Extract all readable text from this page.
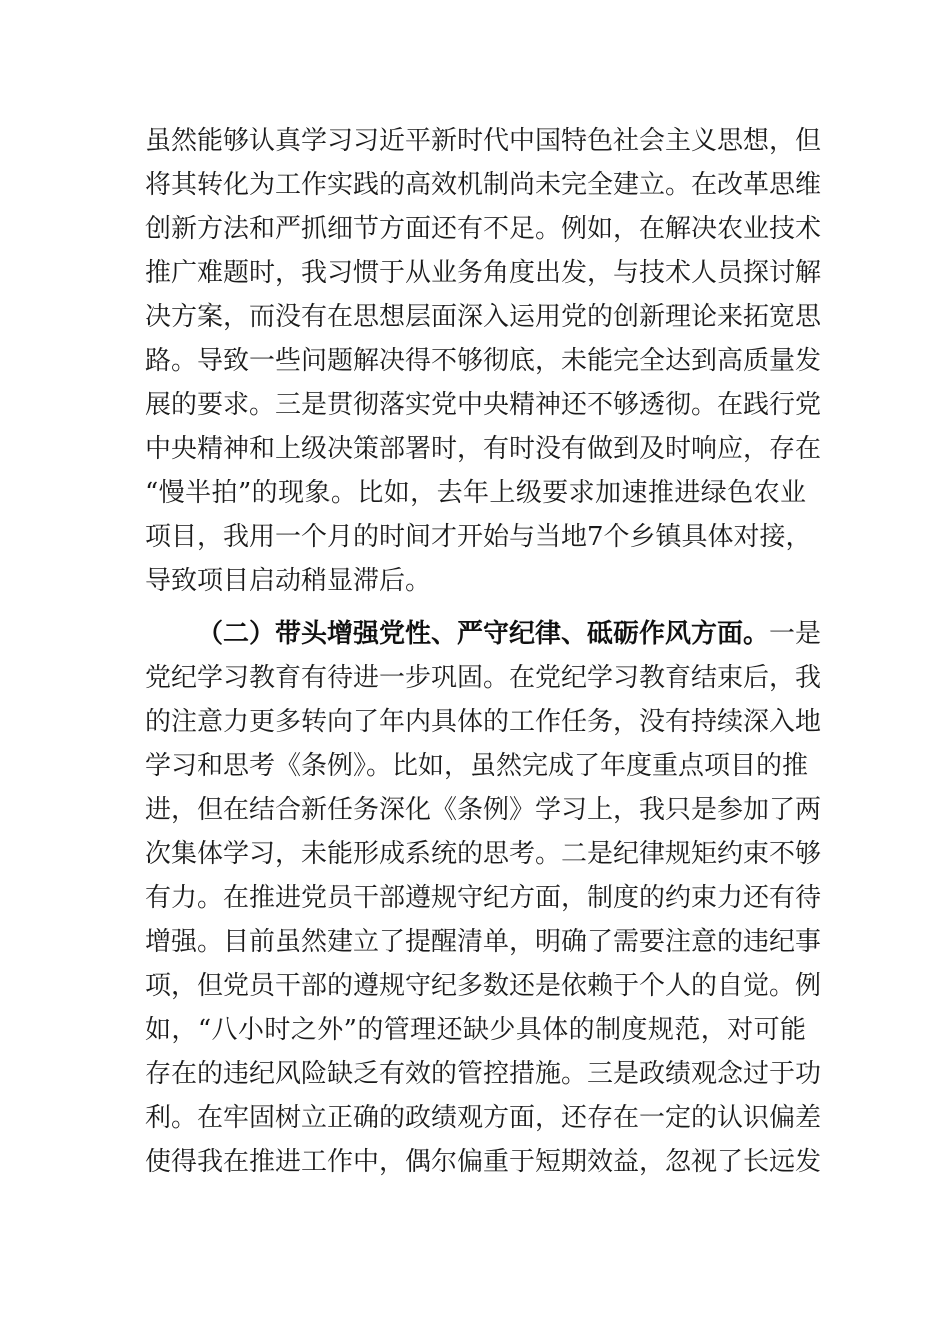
虽然能够认真学习习近平新时代中国特色社会主义思想，但
将其转化为工作实践的高效机制尚未完全建立。在改革思维
创新方法和严抓细节方面还有不足。例如，在解决农业技术
推广难题时，我习惯于从业务角度出发，与技术人员探讨解
决方案，而没有在思想层面深入运用党的创新理论来拓宽思
路。导致一些问题解决得不够彻底，未能完全达到高质量发
展的要求。三是贯彻落实党中央精神还不够透彻。在践行党
中央精神和上级决策部署时，有时没有做到及时响应，存在
“慢半拍”的现象。比如，去年上级要求加速推进绿色农业
项目，我用一个月的时间才开始与当地7个乡镇具体对接，
导致项目启动稍显滞后。
（二）带头增强党性、严守纪律、砥砺作风方面。一是
党纪学习教育有待进一步巩固。在党纪学习教育结束后，我
的注意力更多转向了年内具体的工作任务，没有持续深入地
学习和思考《条例》。比如，虽然完成了年度重点项目的推
进，但在结合新任务深化《条例》学习上，我只是参加了两
次集体学习，未能形成系统的思考。二是纪律规矩约束不够
有力。在推进党员干部遵规守纪方面，制度的约束力还有待
增强。目前虽然建立了提醒清单，明确了需要注意的违纪事
项，但党员干部的遵规守纪多数还是依赖于个人的自觉。例
如，“八小时之外”的管理还缺少具体的制度规范，对可能
存在的违纪风险缺乏有效的管控措施。三是政绩观念过于功
利。在牢固树立正确的政绩观方面，还存在一定的认识偏差
使得我在推进工作中，偶尔偏重于短期效益，忽视了长远发
